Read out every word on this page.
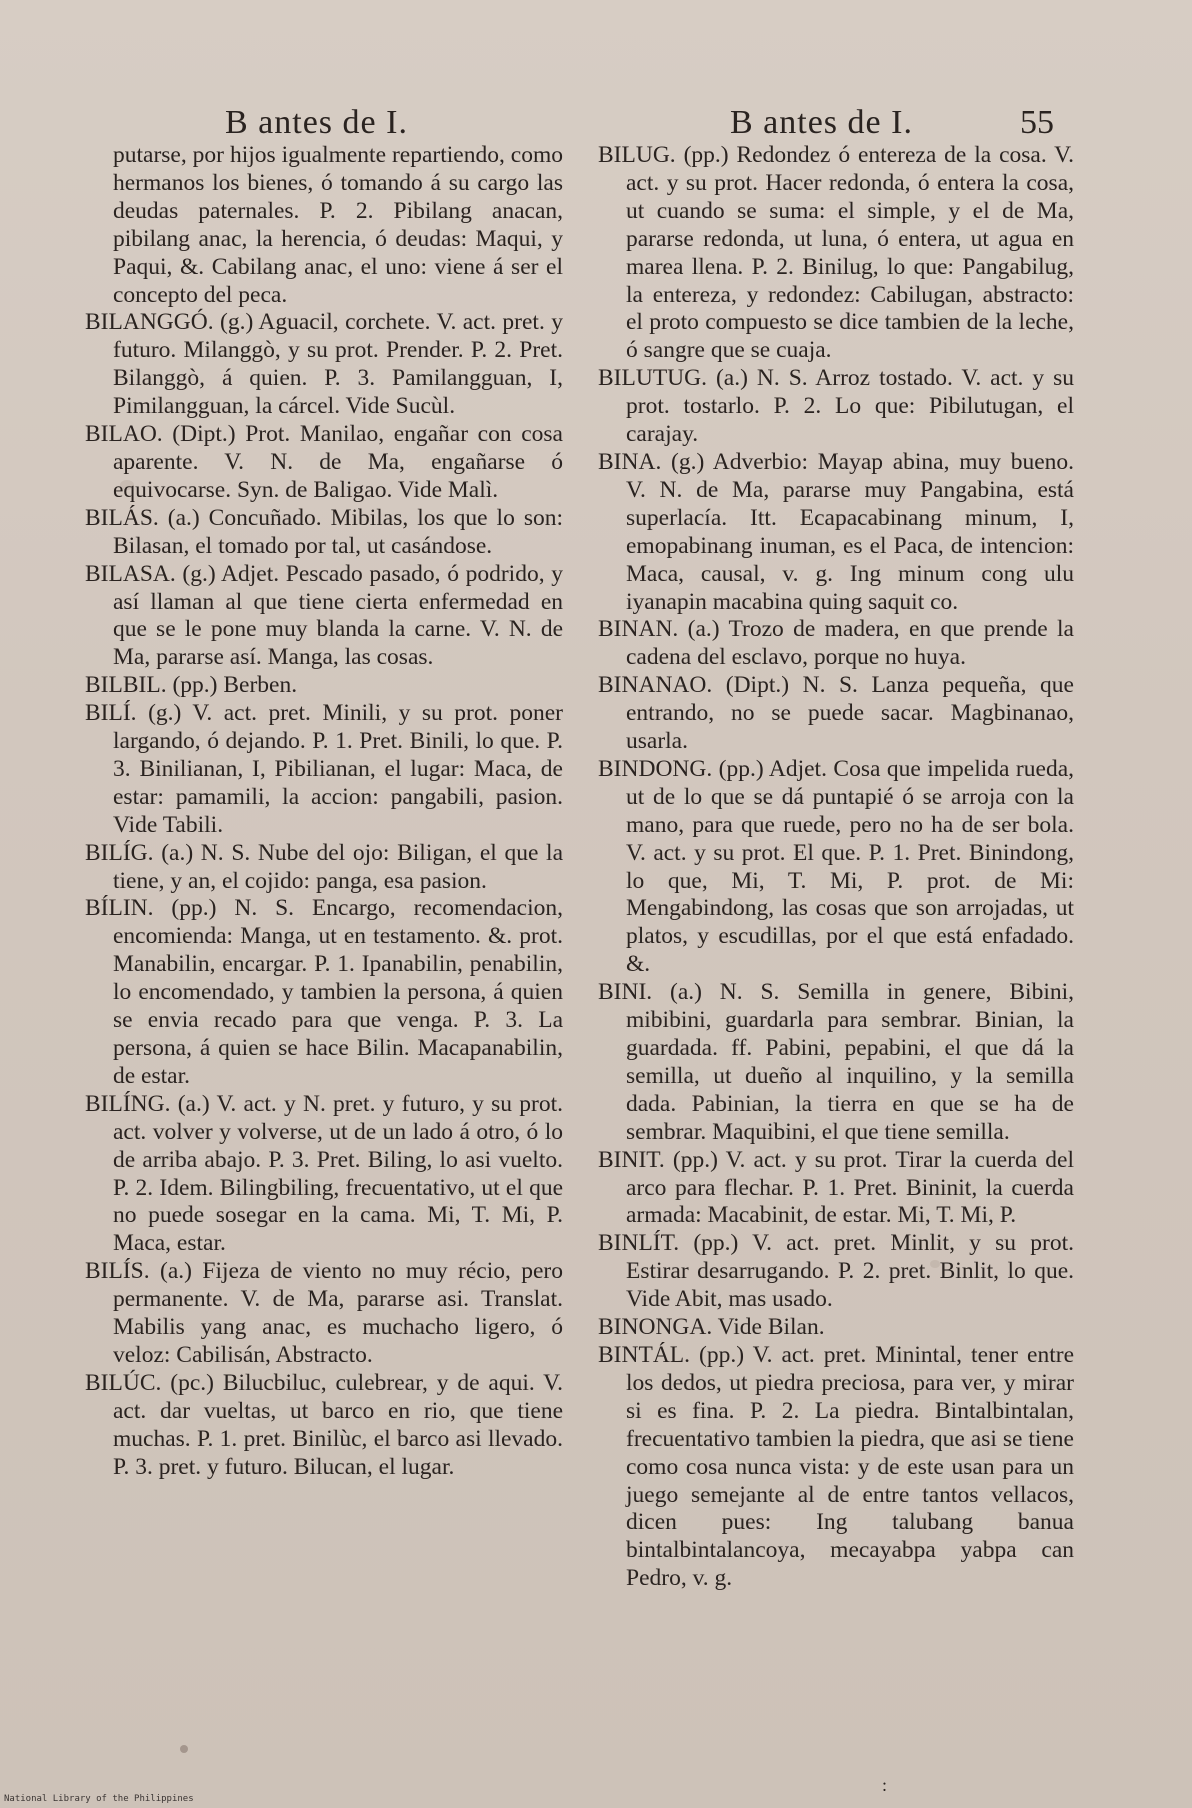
B antes de I.	B antes de I.	55

putarse, por hijos igualmente repartiendo, como hermanos los bienes, ó tomando á su cargo las deudas paternales. P. 2. Pibilang anacan, pibilang anac, la herencia, ó deudas: Maqui, y Paqui, &. Cabilang anac, el uno: viene á ser el concepto del peca.

BILANGGÓ. (g.) Aguacil, corchete. V. act. pret. y futuro. Milanggò, y su prot. Prender. P. 2. Pret. Bilanggò, á quien. P. 3. Pamilangguan, I, Pimilangguan, la cárcel. Vide Sucùl.

BILAO. (Dipt.) Prot. Manilao, engañar con cosa aparente. V. N. de Ma, engañarse ó equivocarse. Syn. de Baligao. Vide Malì.

BILÁS. (a.) Concuñado. Mibilas, los que lo son: Bilasan, el tomado por tal, ut casándose.

BILASA. (g.) Adjet. Pescado pasado, ó podrido, y así llaman al que tiene cierta enfermedad en que se le pone muy blanda la carne. V. N. de Ma, pararse así. Manga, las cosas.

BILBIL. (pp.) Berben.

BILÍ. (g.) V. act. pret. Minili, y su prot. poner largando, ó dejando. P. 1. Pret. Binili, lo que. P. 3. Binilianan, I, Pibilianan, el lugar: Maca, de estar: pamamili, la accion: pangabili, pasion. Vide Tabili.

BILÍG. (a.) N. S. Nube del ojo: Biligan, el que la tiene, y an, el cojido: panga, esa pasion.

BÍLIN. (pp.) N. S. Encargo, recomendacion, encomienda: Manga, ut en testamento. &. prot. Manabilin, encargar. P. 1. Ipanabilin, penabilin, lo encomendado, y tambien la persona, á quien se envia recado para que venga. P. 3. La persona, á quien se hace Bilin. Macapanabilin, de estar.

BILÍNG. (a.) V. act. y N. pret. y futuro, y su prot. act. volver y volverse, ut de un lado á otro, ó lo de arriba abajo. P. 3. Pret. Biling, lo asi vuelto. P. 2. Idem. Bilingbiling, frecuentativo, ut el que no puede sosegar en la cama. Mi, T. Mi, P. Maca, estar.

BILÍS. (a.) Fijeza de viento no muy récio, pero permanente. V. de Ma, pararse asi. Translat. Mabilis yang anac, es muchacho ligero, ó veloz: Cabilisán, Abstracto.

BILÚC. (pc.) Bilucbiluc, culebrear, y de aqui. V. act. dar vueltas, ut barco en rio, que tiene muchas. P. 1. pret. Binilùc, el barco asi llevado. P. 3. pret. y futuro. Bilucan, el lugar.

BILUG. (pp.) Redondez ó entereza de la cosa. V. act. y su prot. Hacer redonda, ó entera la cosa, ut cuando se suma: el simple, y el de Ma, pararse redonda, ut luna, ó entera, ut agua en marea llena. P. 2. Binilug, lo que: Pangabilug, la entereza, y redondez: Cabilugan, abstracto: el proto compuesto se dice tambien de la leche, ó sangre que se cuaja.

BILUTUG. (a.) N. S. Arroz tostado. V. act. y su prot. tostarlo. P. 2. Lo que: Pibilutugan, el carajay.

BINA. (g.) Adverbio: Mayap abina, muy bueno. V. N. de Ma, pararse muy Pangabina, está superlacía. Itt. Ecapacabinang minum, I, emopabinang inuman, es el Paca, de intencion: Maca, causal, v. g. Ing minum cong ulu iyanapin macabina quing saquit co.

BINAN. (a.) Trozo de madera, en que prende la cadena del esclavo, porque no huya.

BINANAO. (Dipt.) N. S. Lanza pequeña, que entrando, no se puede sacar. Magbinanao, usarla.

BINDONG. (pp.) Adjet. Cosa que impelida rueda, ut de lo que se dá puntapié ó se arroja con la mano, para que ruede, pero no ha de ser bola. V. act. y su prot. El que. P. 1. Pret. Binindong, lo que, Mi, T. Mi, P. prot. de Mi: Mengabindong, las cosas que son arrojadas, ut platos, y escudillas, por el que está enfadado. &.

BINI. (a.) N. S. Semilla in genere, Bibini, mibibini, guardarla para sembrar. Binian, la guardada. ff. Pabini, pepabini, el que dá la semilla, ut dueño al inquilino, y la semilla dada. Pabinian, la tierra en que se ha de sembrar. Maquibini, el que tiene semilla.

BINIT. (pp.) V. act. y su prot. Tirar la cuerda del arco para flechar. P. 1. Pret. Bininit, la cuerda armada: Macabinit, de estar. Mi, T. Mi, P.

BINLÍT. (pp.) V. act. pret. Minlit, y su prot. Estirar desarrugando. P. 2. pret. Binlit, lo que. Vide Abit, mas usado.

BINONGA. Vide Bilan.

BINTÁL. (pp.) V. act. pret. Minintal, tener entre los dedos, ut piedra preciosa, para ver, y mirar si es fina. P. 2. La piedra. Bintalbintalan, frecuentativo tambien la piedra, que asi se tiene como cosa nunca vista: y de este usan para un juego semejante al de entre tantos vellacos, dicen pues: Ing talubang banua bintalbintalancoya, mecayabpa yabpa can Pedro, v. g.

:
National Library of the Philippines
